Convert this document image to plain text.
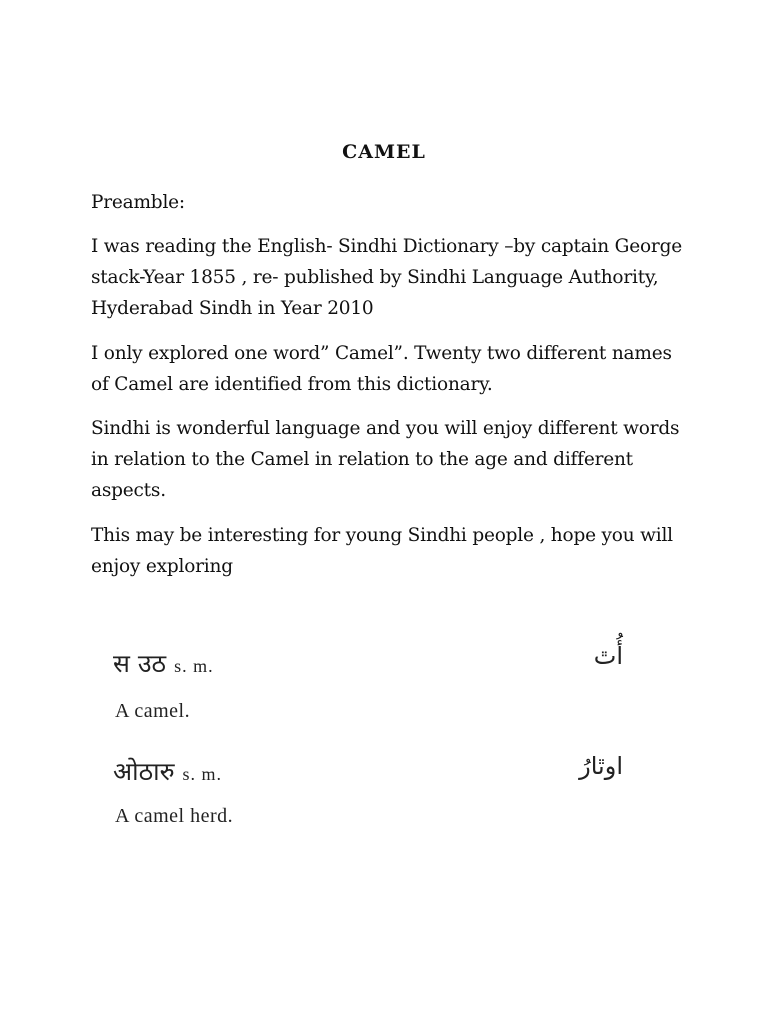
camel

Preamble:

I was reading the English- Sindhi Dictionary –by captain George stack-Year 1855 , re- published by Sindhi Language Authority, Hyderabad Sindh in Year 2010

I only explored one word” Camel”. Twenty two different names of Camel are identified from this dictionary.

Sindhi is wonderful language and you will enjoy different words in relation to the Camel in relation to the age and different aspects.

This may be interesting for young Sindhi people , hope you will enjoy exploring

स उठ s. m.	أُٿ
A camel.
ओठारु s. m.	اوٿارُ
A camel herd.
